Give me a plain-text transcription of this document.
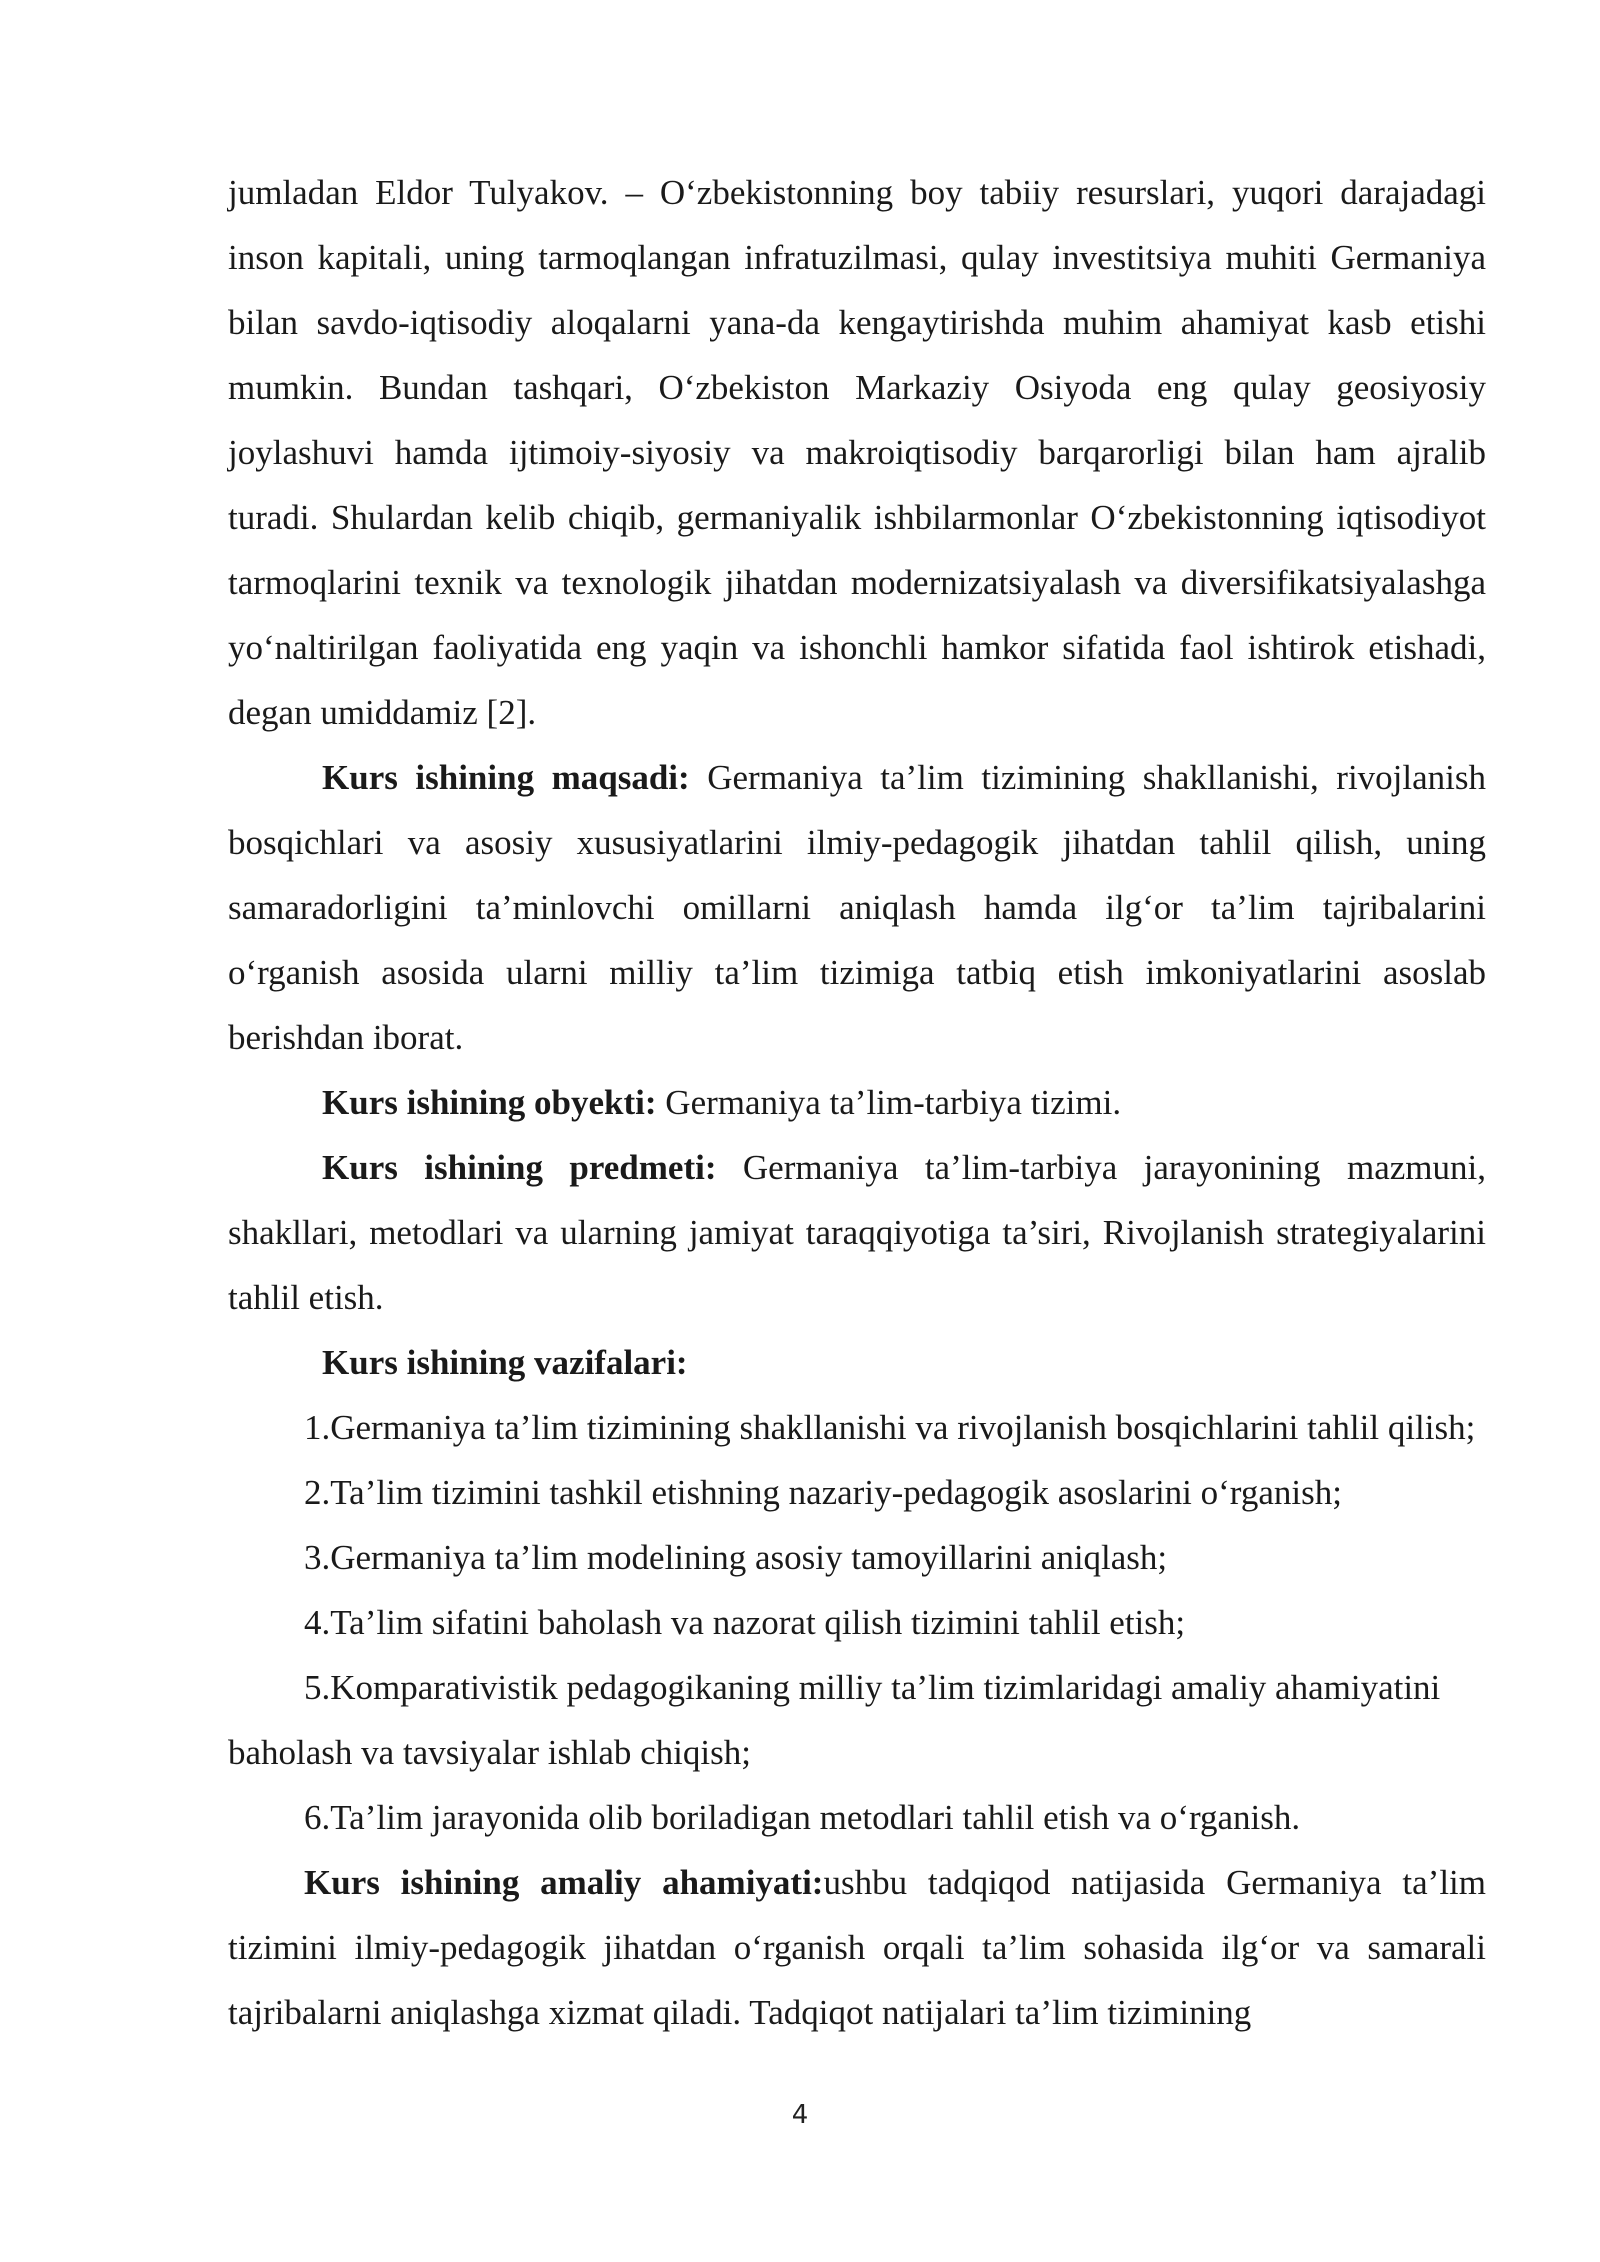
jumladan Eldor Tulyakov. – O‘zbekistonning boy tabiiy resurslari, yuqori darajadagi inson kapitali, uning tarmoqlangan infratuzilmasi, qulay investitsiya muhiti Germaniya bilan savdo-iqtisodiy aloqalarni yana-da kengaytirishda muhim ahamiyat kasb etishi mumkin. Bundan tashqari, O‘zbekiston Markaziy Osiyoda eng qulay geosiyosiy joylashuvi hamda ijtimoiy-siyosiy va makroiqtisodiy barqarorligi bilan ham ajralib turadi. Shulardan kelib chiqib, germaniyalik ishbilarmonlar O‘zbekistonning iqtisodiyot tarmoqlarini texnik va texnologik jihatdan modernizatsiyalash va diversifikatsiyalashga yo‘naltirilgan faoliyatida eng yaqin va ishonchli hamkor sifatida faol ishtirok etishadi, degan umiddamiz [2].

Kurs ishining maqsadi: Germaniya ta’lim tizimining shakllanishi, rivojlanish bosqichlari va asosiy xususiyatlarini ilmiy-pedagogik jihatdan tahlil qilish, uning samaradorligini ta’minlovchi omillarni aniqlash hamda ilg‘or ta’lim tajribalarini o‘rganish asosida ularni milliy ta’lim tizimiga tatbiq etish imkoniyatlarini asoslab berishdan iborat.

Kurs ishining obyekti: Germaniya ta’lim-tarbiya tizimi.

Kurs ishining predmeti: Germaniya ta’lim-tarbiya jarayonining mazmuni, shakllari, metodlari va ularning jamiyat taraqqiyotiga ta’siri, Rivojlanish strategiyalarini tahlil etish.

Kurs ishining vazifalari:

1.Germaniya ta’lim tizimining shakllanishi va rivojlanish bosqichlarini tahlil qilish;

2.Ta’lim tizimini tashkil etishning nazariy-pedagogik asoslarini o‘rganish;

3.Germaniya ta’lim modelining asosiy tamoyillarini aniqlash;

4.Ta’lim sifatini baholash va nazorat qilish tizimini tahlil etish;

5.Komparativistik pedagogikaning milliy ta’lim tizimlaridagi amaliy ahamiyatini baholash va tavsiyalar ishlab chiqish;

6.Ta’lim jarayonida olib boriladigan metodlari tahlil etish va o‘rganish.

Kurs ishining amaliy ahamiyati:ushbu tadqiqod natijasida Germaniya ta’lim tizimini ilmiy-pedagogik jihatdan o‘rganish orqali ta’lim sohasida ilg‘or va samarali tajribalarni aniqlashga xizmat qiladi. Tadqiqot natijalari ta’lim tizimining

4
